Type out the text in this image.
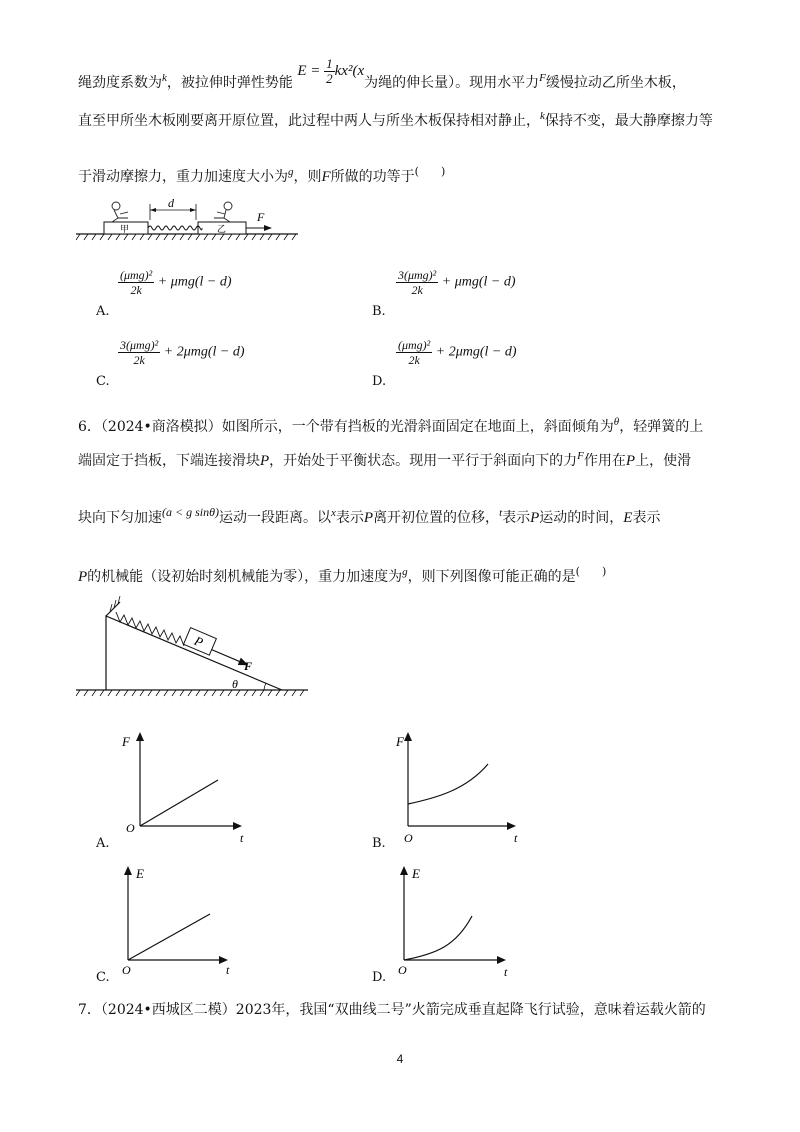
绳劲度系数为$^k$，被拉伸时弹性势能 $E = \frac{1}{2} kx^2(x$为绳的伸长量）。现用水平力$^F$缓慢拉动乙所坐木板，
直至甲所坐木板刚要离开原位置，此过程中两人与所坐木板保持相对静止，$^k$保持不变，最大静摩擦力等
于滑动摩擦力，重力加速度大小为$^g$，则F所做的功等于(　　)
甲	乙
d
F
$\frac{\text{(μmg)²}}{2k} + \mu mg(l - d)$
A.
$\frac{\text{3(μmg)²}}{2k} + \mu mg(l - d)$
B.
$\frac{\text{3(μmg)²}}{2k} + 2\mu mg(l - d)$
C.
$\frac{\text{(μmg)²}}{2k} + 2\mu mg(l - d)$
D.
6．（2024•商洛模拟）如图所示，一个带有挡板的光滑斜面固定在地面上，斜面倾角为$^\theta$，轻弹簧的上
端固定于挡板，下端连接滑块P，开始处于平衡状态。现用一平行于斜面向下的力$^F$作用在P上，使滑
块向下匀加速(a < g sinθ)运动一段距离。以$^x$表示P离开初位置的位移，$^t$表示P运动的时间，E表示
P的机械能（设初始时刻机械能为零），重力加速度为$^g$，则下列图像可能正确的是(　　)
P
F
θ
F
O
t
A.
F
O	t
B.
E
O	t
C.
E
O	t
D.
7．（2024•西城区二模）2023年，我国“双曲线二号”火箭完成垂直起降飞行试验，意味着运载火箭的
4
